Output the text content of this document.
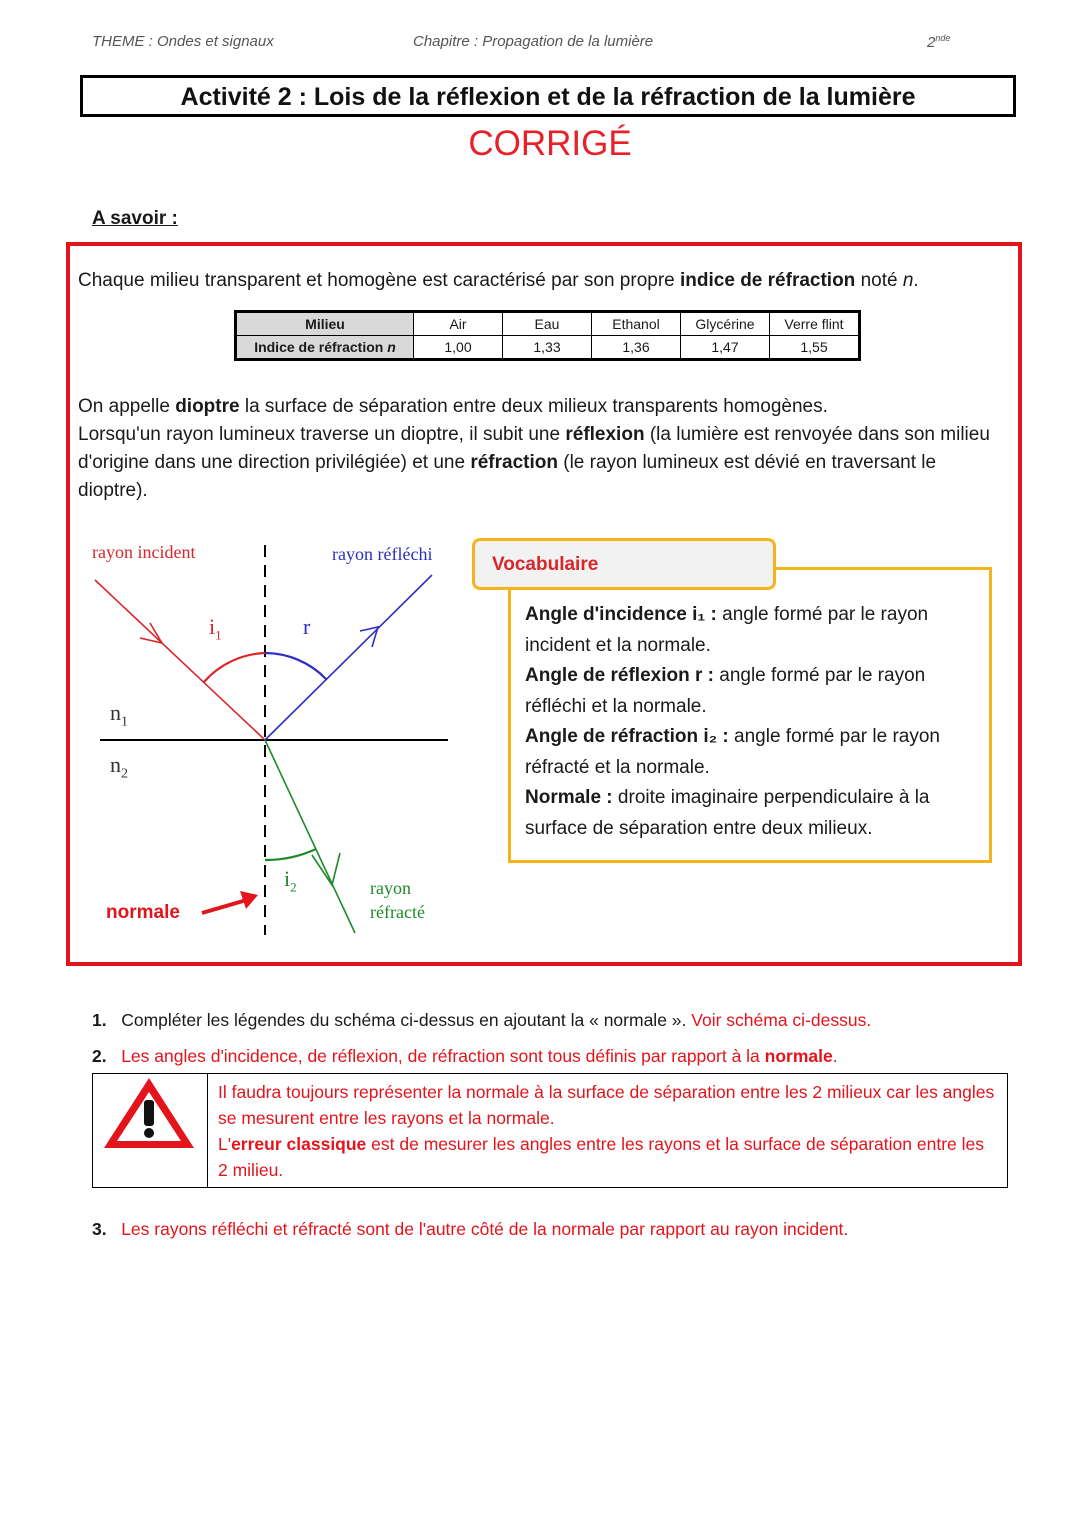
THEME : Ondes et signaux	Chapitre : Propagation de la lumière	2nde
Activité 2 : Lois de la réflexion et de la réfraction de la lumière
CORRIGÉ
A savoir :
Chaque milieu transparent et homogène est caractérisé par son propre indice de réfraction noté n.
Milieu	Air	Eau	Ethanol	Glycérine	Verre flint
Indice de réfraction n	1,00	1,33	1,36	1,47	1,55
On appelle dioptre la surface de séparation entre deux milieux transparents homogènes.
Lorsqu'un rayon lumineux traverse un dioptre, il subit une réflexion (la lumière est renvoyée dans son milieu d'origine dans une direction privilégiée) et une réfraction (le rayon lumineux est dévié en traversant le dioptre).
rayon incident	rayon réfléchi
$i_1$	r
$n_1$
$n_2$
$i_2$	rayon
réfracté
normale
Vocabulaire
Angle d'incidence i₁ : angle formé par le rayon incident et la normale.
Angle de réflexion r : angle formé par le rayon réfléchi et la normale.
Angle de réfraction i₂ : angle formé par le rayon réfracté et la normale.
Normale : droite imaginaire perpendiculaire à la surface de séparation entre deux milieux.
1. Compléter les légendes du schéma ci-dessus en ajoutant la « normale ». Voir schéma ci-dessus.
2. Les angles d'incidence, de réflexion, de réfraction sont tous définis par rapport à la normale.
Il faudra toujours représenter la normale à la surface de séparation entre les 2 milieux car les angles se mesurent entre les rayons et la normale.
L'erreur classique est de mesurer les angles entre les rayons et la surface de séparation entre les 2 milieu.
3. Les rayons réfléchi et réfracté sont de l'autre côté de la normale par rapport au rayon incident.
